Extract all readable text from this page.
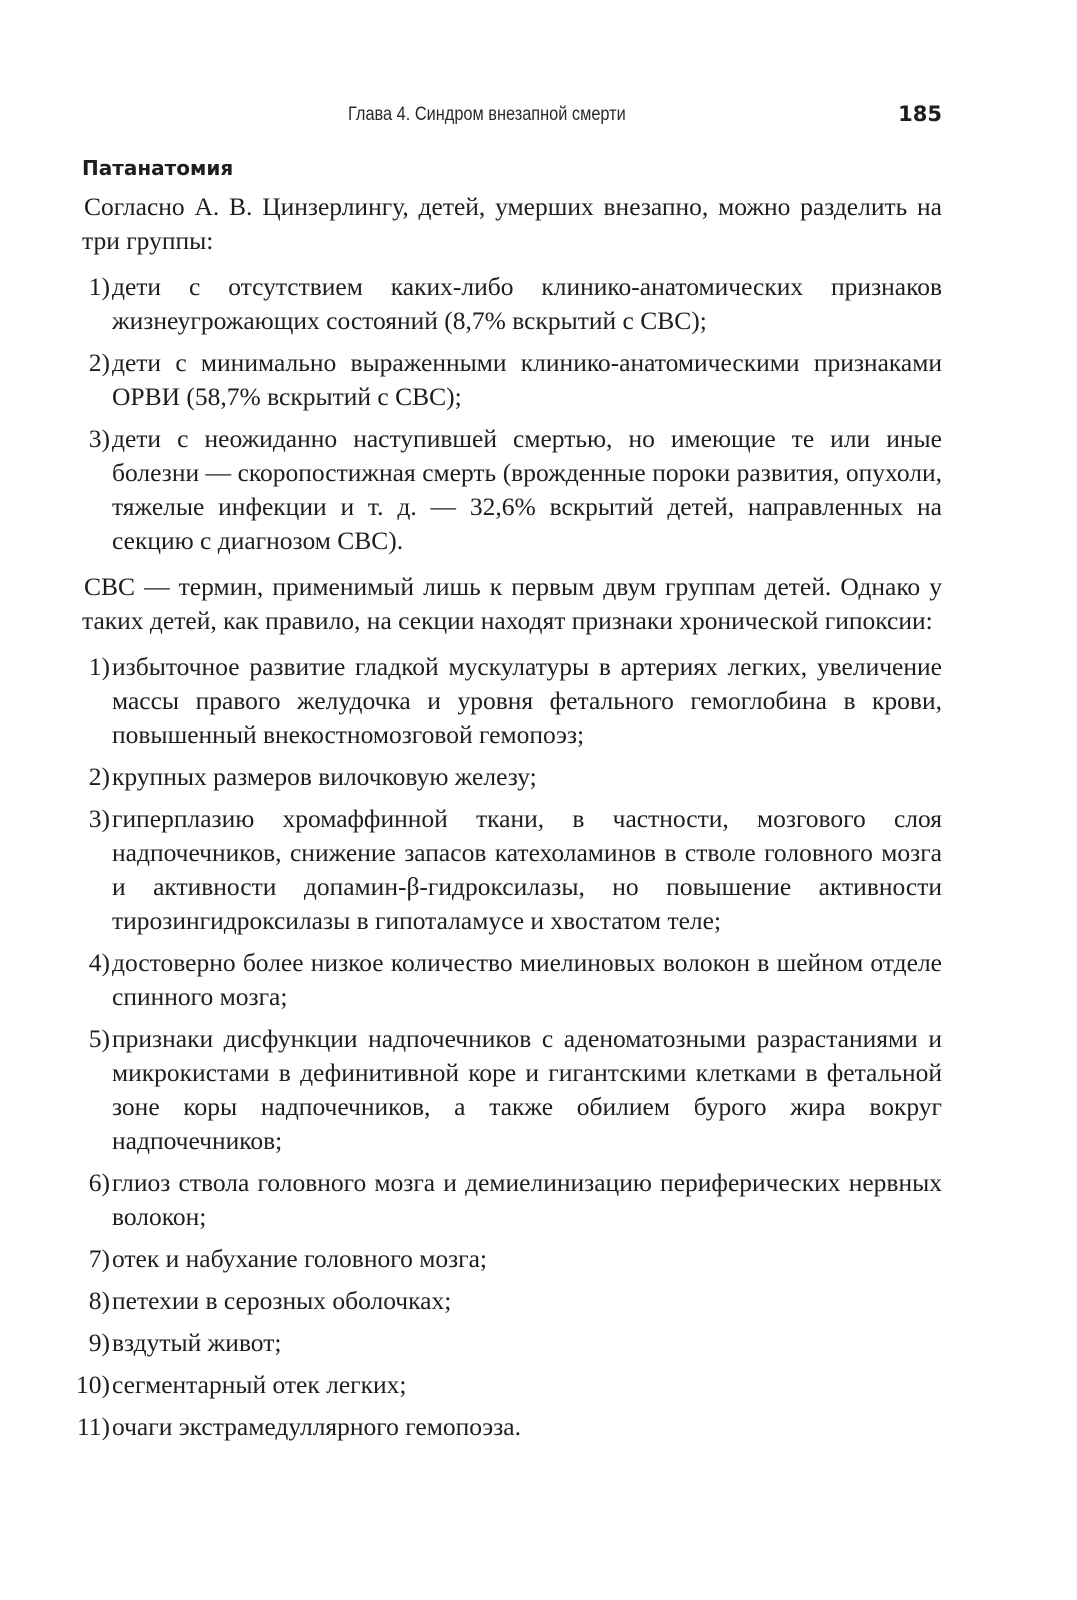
Глава 4. Синдром внезапной смерти	185
Патанатомия

Согласно А. В. Цинзерлингу, детей, умерших внезапно, можно разделить на три группы:

1) дети с отсутствием каких-либо клинико-анатомических признаков жизнеугрожающих состояний (8,7% вскрытий с СВС);
2) дети с минимально выраженными клинико-анатомическими признаками ОРВИ (58,7% вскрытий с СВС);
3) дети с неожиданно наступившей смертью, но имеющие те или иные болезни — скоропостижная смерть (врожденные пороки развития, опухоли, тяжелые инфекции и т. д. — 32,6% вскрытий детей, направленных на секцию с диагнозом СВС).

СВС — термин, применимый лишь к первым двум группам детей. Однако у таких детей, как правило, на секции находят признаки хронической гипоксии:

1) избыточное развитие гладкой мускулатуры в артериях легких, увеличение массы правого желудочка и уровня фетального гемоглобина в крови, повышенный внекостномозговой гемопоэз;
2) крупных размеров вилочковую железу;
3) гиперплазию хромаффинной ткани, в частности, мозгового слоя надпочечников, снижение запасов катехоламинов в стволе головного мозга и активности допамин-β-гидроксилазы, но повышение активности тирозингидроксилазы в гипоталамусе и хвостатом теле;
4) достоверно более низкое количество миелиновых волокон в шейном отделе спинного мозга;
5) признаки дисфункции надпочечников с аденоматозными разрастаниями и микрокистами в дефинитивной коре и гигантскими клетками в фетальной зоне коры надпочечников, а также обилием бурого жира вокруг надпочечников;
6) глиоз ствола головного мозга и демиелинизацию периферических нервных волокон;
7) отек и набухание головного мозга;
8) петехии в серозных оболочках;
9) вздутый живот;
10) сегментарный отек легких;
11) очаги экстрамедуллярного гемопоэза.
